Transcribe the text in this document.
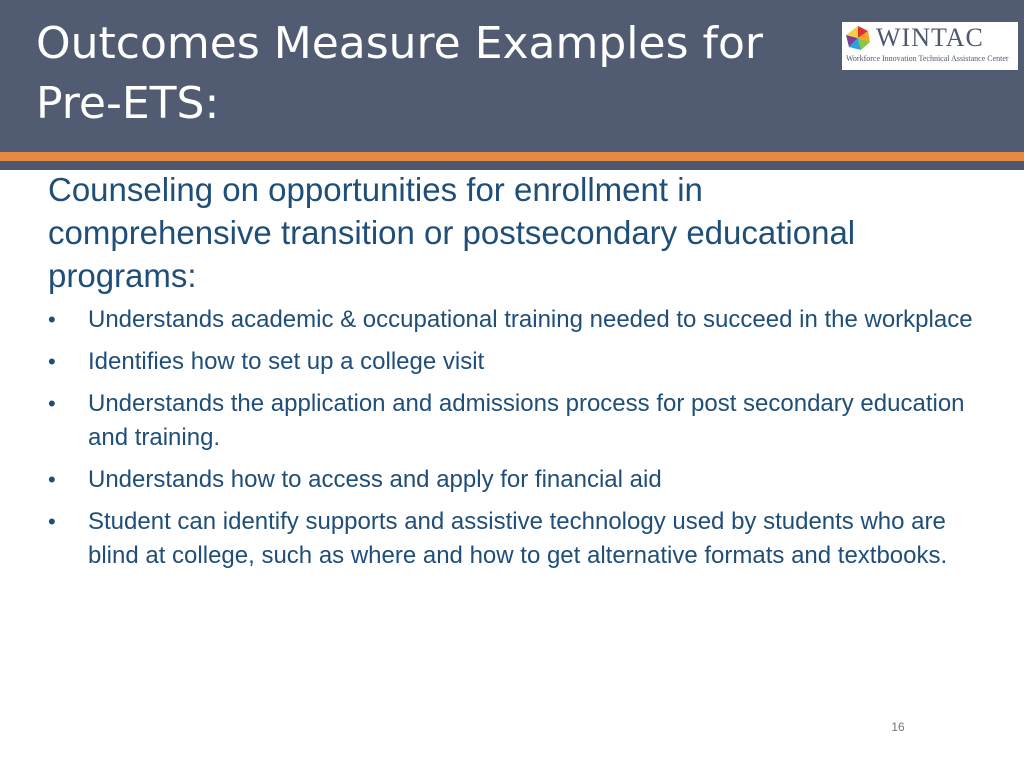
Outcomes Measure Examples for Pre-ETS:
WINTAC
Workforce Innovation Technical Assistance Center

Counseling on opportunities for enrollment in comprehensive transition or postsecondary educational programs:

• Understands academic & occupational training needed to succeed in the workplace
• Identifies how to set up a college visit
• Understands the application and admissions process for post secondary education and training.
• Understands how to access and apply for financial aid
• Student can identify supports and assistive technology used by students who are blind at college, such as where and how to get alternative formats and textbooks.
16
